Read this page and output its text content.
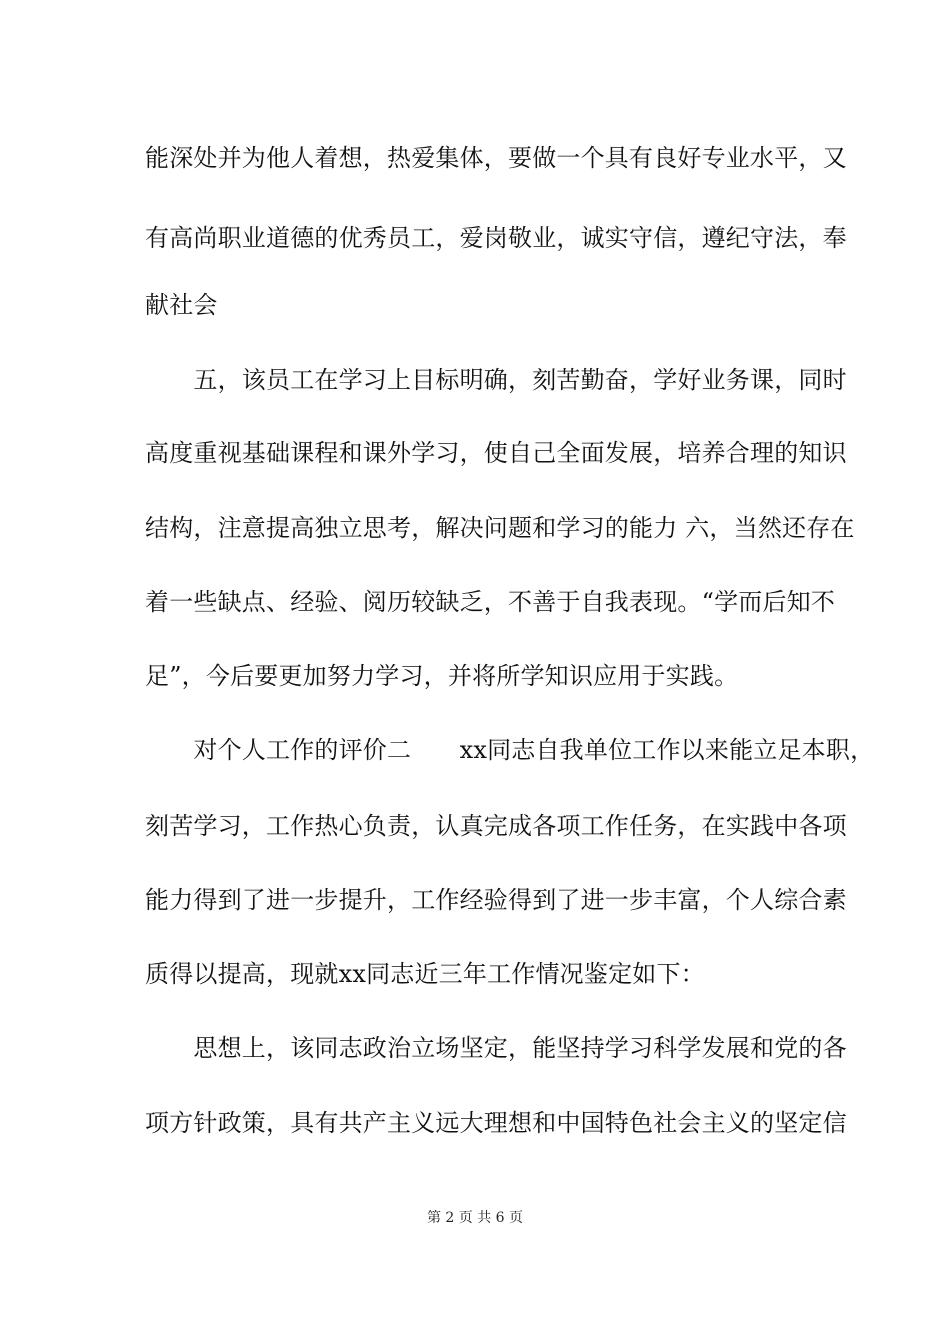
能深处并为他人着想，热爱集体，要做一个具有良好专业水平，又
有高尚职业道德的优秀员工，爱岗敬业，诚实守信，遵纪守法，奉
献社会
　　五，该员工在学习上目标明确，刻苦勤奋，学好业务课，同时
高度重视基础课程和课外学习，使自己全面发展，培养合理的知识
结构，注意提高独立思考，解决问题和学习的能力 六，当然还存在
着一些缺点、经验、阅历较缺乏，不善于自我表现。“学而后知不
足”，今后要更加努力学习，并将所学知识应用于实践。
　　对个人工作的评价二　　xx同志自我单位工作以来能立足本职，
刻苦学习，工作热心负责，认真完成各项工作任务，在实践中各项
能力得到了进一步提升，工作经验得到了进一步丰富，个人综合素
质得以提高，现就xx同志近三年工作情况鉴定如下：
　　思想上，该同志政治立场坚定，能坚持学习科学发展和党的各
项方针政策，具有共产主义远大理想和中国特色社会主义的坚定信
第 2 页 共 6 页
